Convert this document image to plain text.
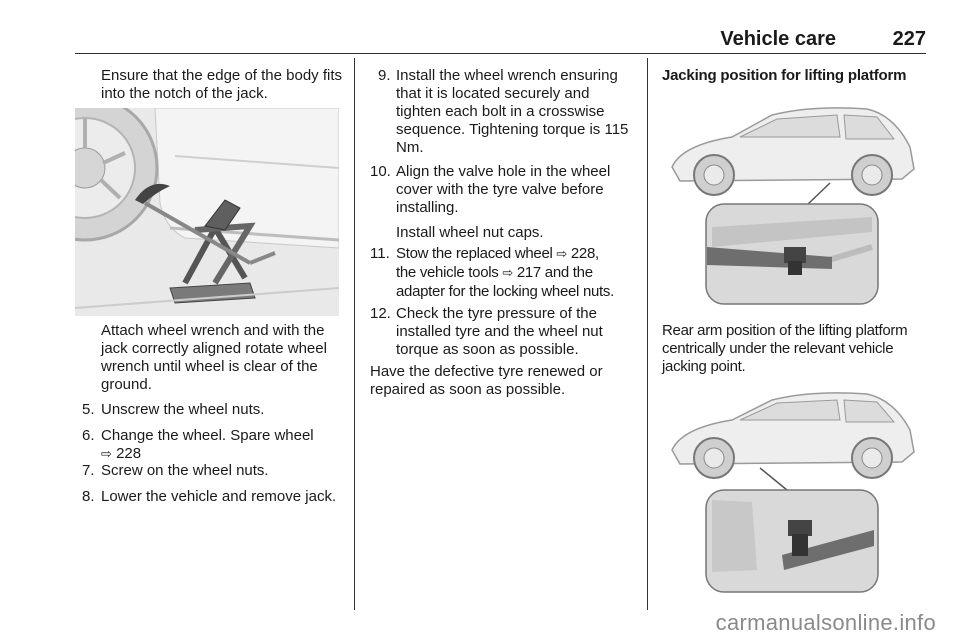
Vehicle care	227

Ensure that the edge of the body fits into the notch of the jack.

Attach wheel wrench and with the jack correctly aligned rotate wheel wrench until wheel is clear of the ground.

5. Unscrew the wheel nuts.
6. Change the wheel. Spare wheel
⇨ 228
7. Screw on the wheel nuts.
8. Lower the vehicle and remove jack.
9. Install the wheel wrench ensuring that it is located securely and tighten each bolt in a crosswise sequence. Tightening torque is 115 Nm.
10. Align the valve hole in the wheel cover with the tyre valve before installing.
Install wheel nut caps.
11. Stow the replaced wheel ⇨ 228,
the vehicle tools ⇨ 217 and the
adapter for the locking wheel nuts.
12. Check the tyre pressure of the installed tyre and the wheel nut torque as soon as possible.

Have the defective tyre renewed or repaired as soon as possible.

Jacking position for lifting platform

Rear arm position of the lifting platform centrically under the relevant vehicle jacking point.

carmanualsonline.info
